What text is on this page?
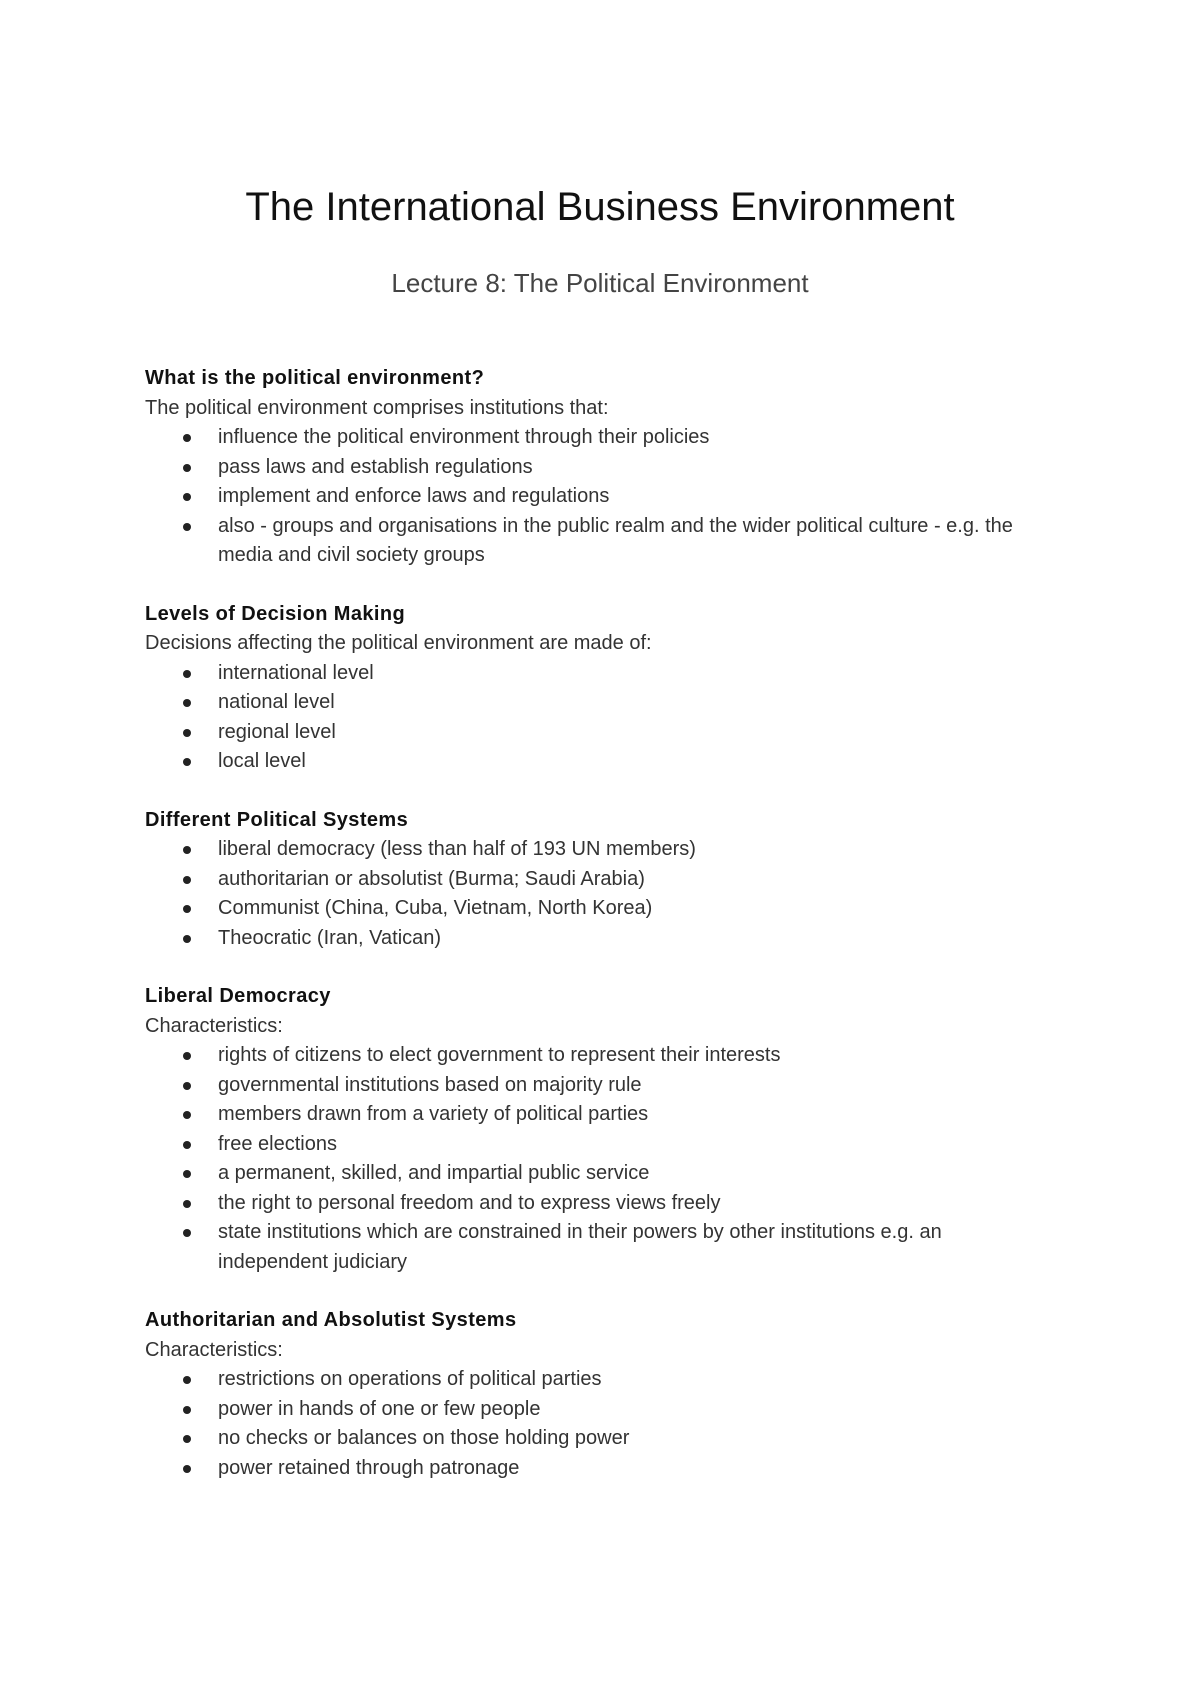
The International Business Environment
Lecture 8: The Political Environment

What is the political environment?

The political environment comprises institutions that:

influence the political environment through their policies
pass laws and establish regulations
implement and enforce laws and regulations
also - groups and organisations in the public realm and the wider political culture - e.g. the media and civil society groups

Levels of Decision Making

Decisions affecting the political environment are made of:

international level
national level
regional level
local level

Different Political Systems

liberal democracy (less than half of 193 UN members)
authoritarian or absolutist (Burma; Saudi Arabia)
Communist (China, Cuba, Vietnam, North Korea)
Theocratic (Iran, Vatican)

Liberal Democracy

Characteristics:

rights of citizens to elect government to represent their interests
governmental institutions based on majority rule
members drawn from a variety of political parties
free elections
a permanent, skilled, and impartial public service
the right to personal freedom and to express views freely
state institutions which are constrained in their powers by other institutions e.g. an independent judiciary

Authoritarian and Absolutist Systems

Characteristics:

restrictions on operations of political parties
power in hands of one or few people
no checks or balances on those holding power
power retained through patronage
